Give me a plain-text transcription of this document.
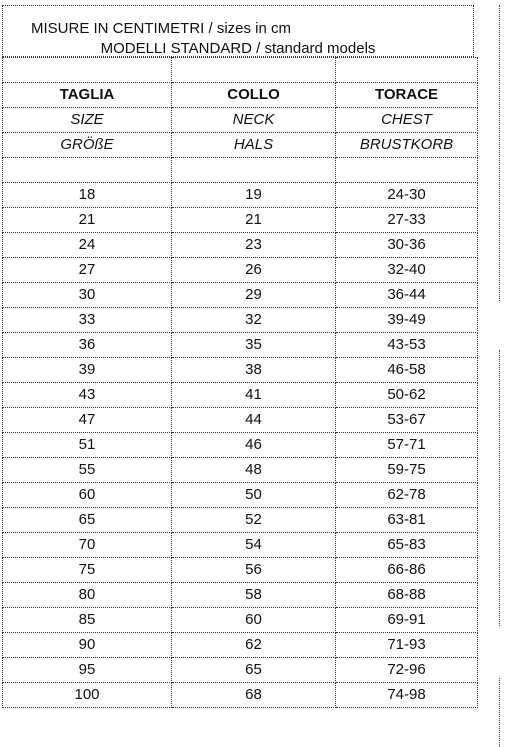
MISURE IN CENTIMETRI / sizes in cm
MODELLI STANDARD / standard models

TAGLIA	COLLO	TORACE
SIZE	NECK	CHEST
GRÖßE	HALS	BRUSTKORB

18	19	24-30
21	21	27-33
24	23	30-36
27	26	32-40
30	29	36-44
33	32	39-49
36	35	43-53
39	38	46-58
43	41	50-62
47	44	53-67
51	46	57-71
55	48	59-75
60	50	62-78
65	52	63-81
70	54	65-83
75	56	66-86
80	58	68-88
85	60	69-91
90	62	71-93
95	65	72-96
100	68	74-98
